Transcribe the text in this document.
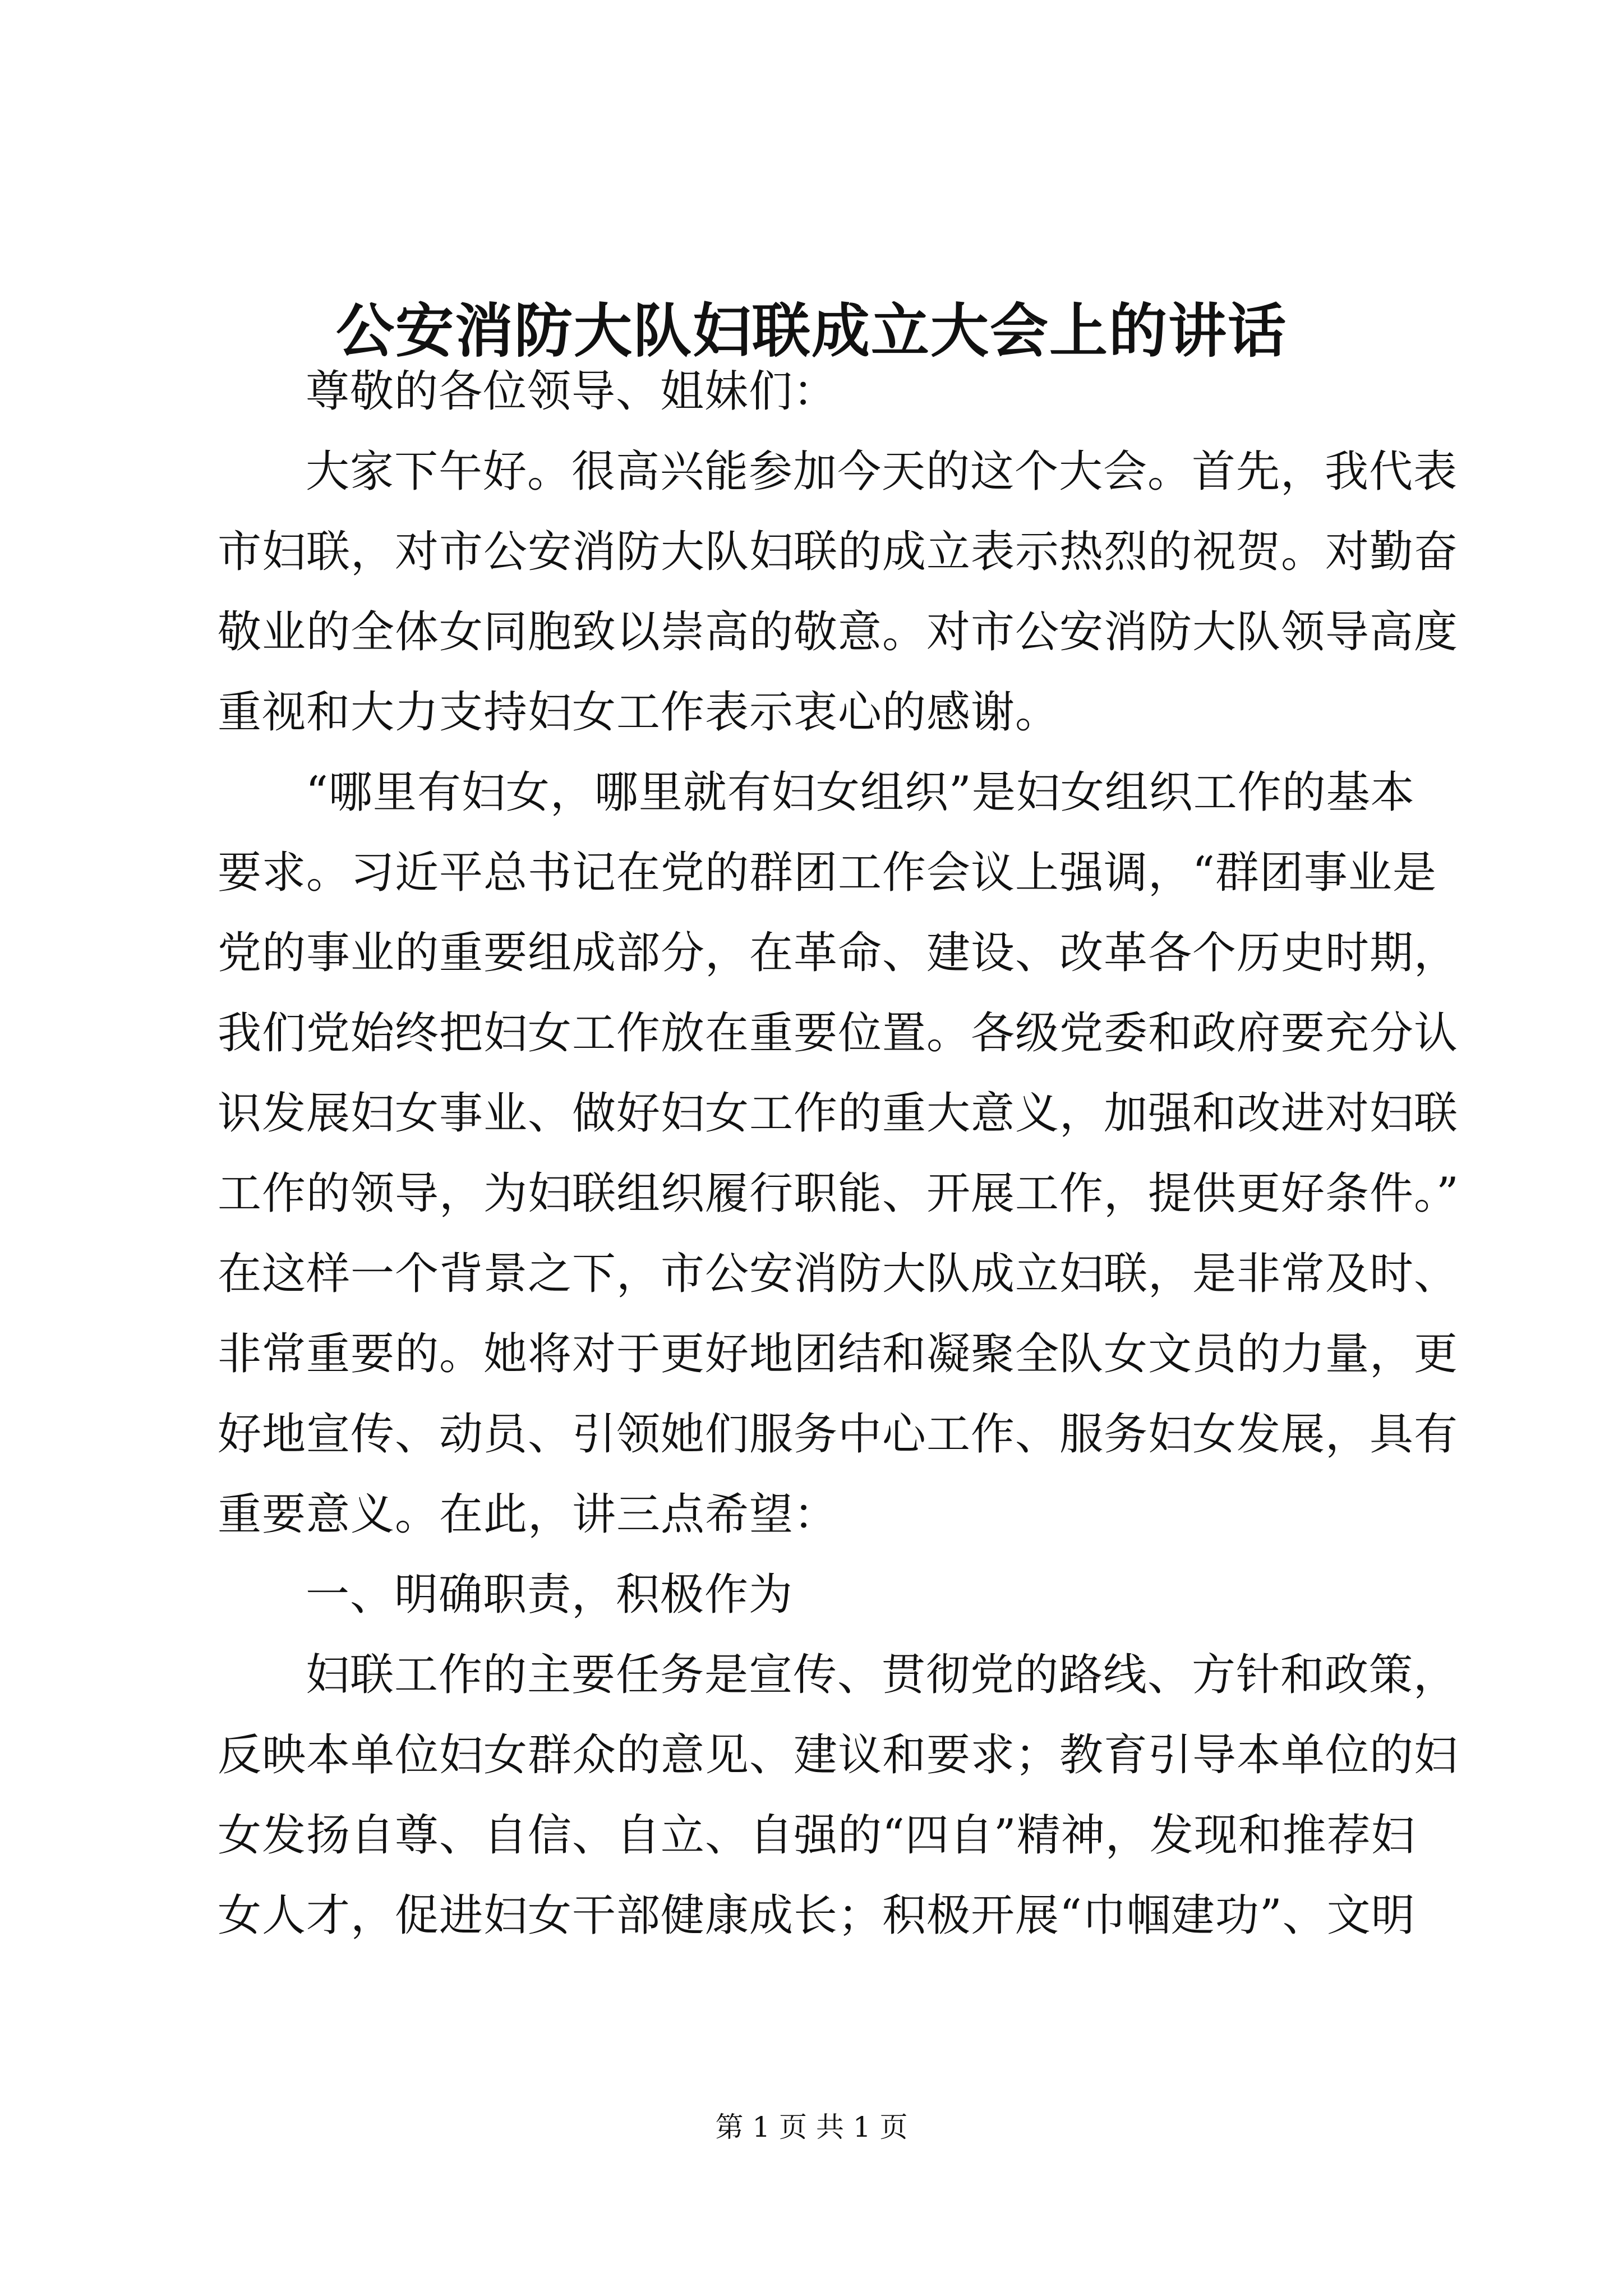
公安消防大队妇联成立大会上的讲话
尊敬的各位领导、姐妹们：
大家下午好。很高兴能参加今天的这个大会。首先，我代表
市妇联，对市公安消防大队妇联的成立表示热烈的祝贺。对勤奋
敬业的全体女同胞致以崇高的敬意。对市公安消防大队领导高度
重视和大力支持妇女工作表示衷心的感谢。
“哪里有妇女，哪里就有妇女组织”是妇女组织工作的基本
要求。习近平总书记在党的群团工作会议上强调，“群团事业是
党的事业的重要组成部分，在革命、建设、改革各个历史时期，
我们党始终把妇女工作放在重要位置。各级党委和政府要充分认
识发展妇女事业、做好妇女工作的重大意义，加强和改进对妇联
工作的领导，为妇联组织履行职能、开展工作，提供更好条件。”
在这样一个背景之下，市公安消防大队成立妇联，是非常及时、
非常重要的。她将对于更好地团结和凝聚全队女文员的力量，更
好地宣传、动员、引领她们服务中心工作、服务妇女发展，具有
重要意义。在此，讲三点希望：
一、明确职责，积极作为
妇联工作的主要任务是宣传、贯彻党的路线、方针和政策，
反映本单位妇女群众的意见、建议和要求；教育引导本单位的妇
女发扬自尊、自信、自立、自强的“四自”精神，发现和推荐妇
女人才，促进妇女干部健康成长；积极开展“巾帼建功”、文明
第 1 页 共 1 页
